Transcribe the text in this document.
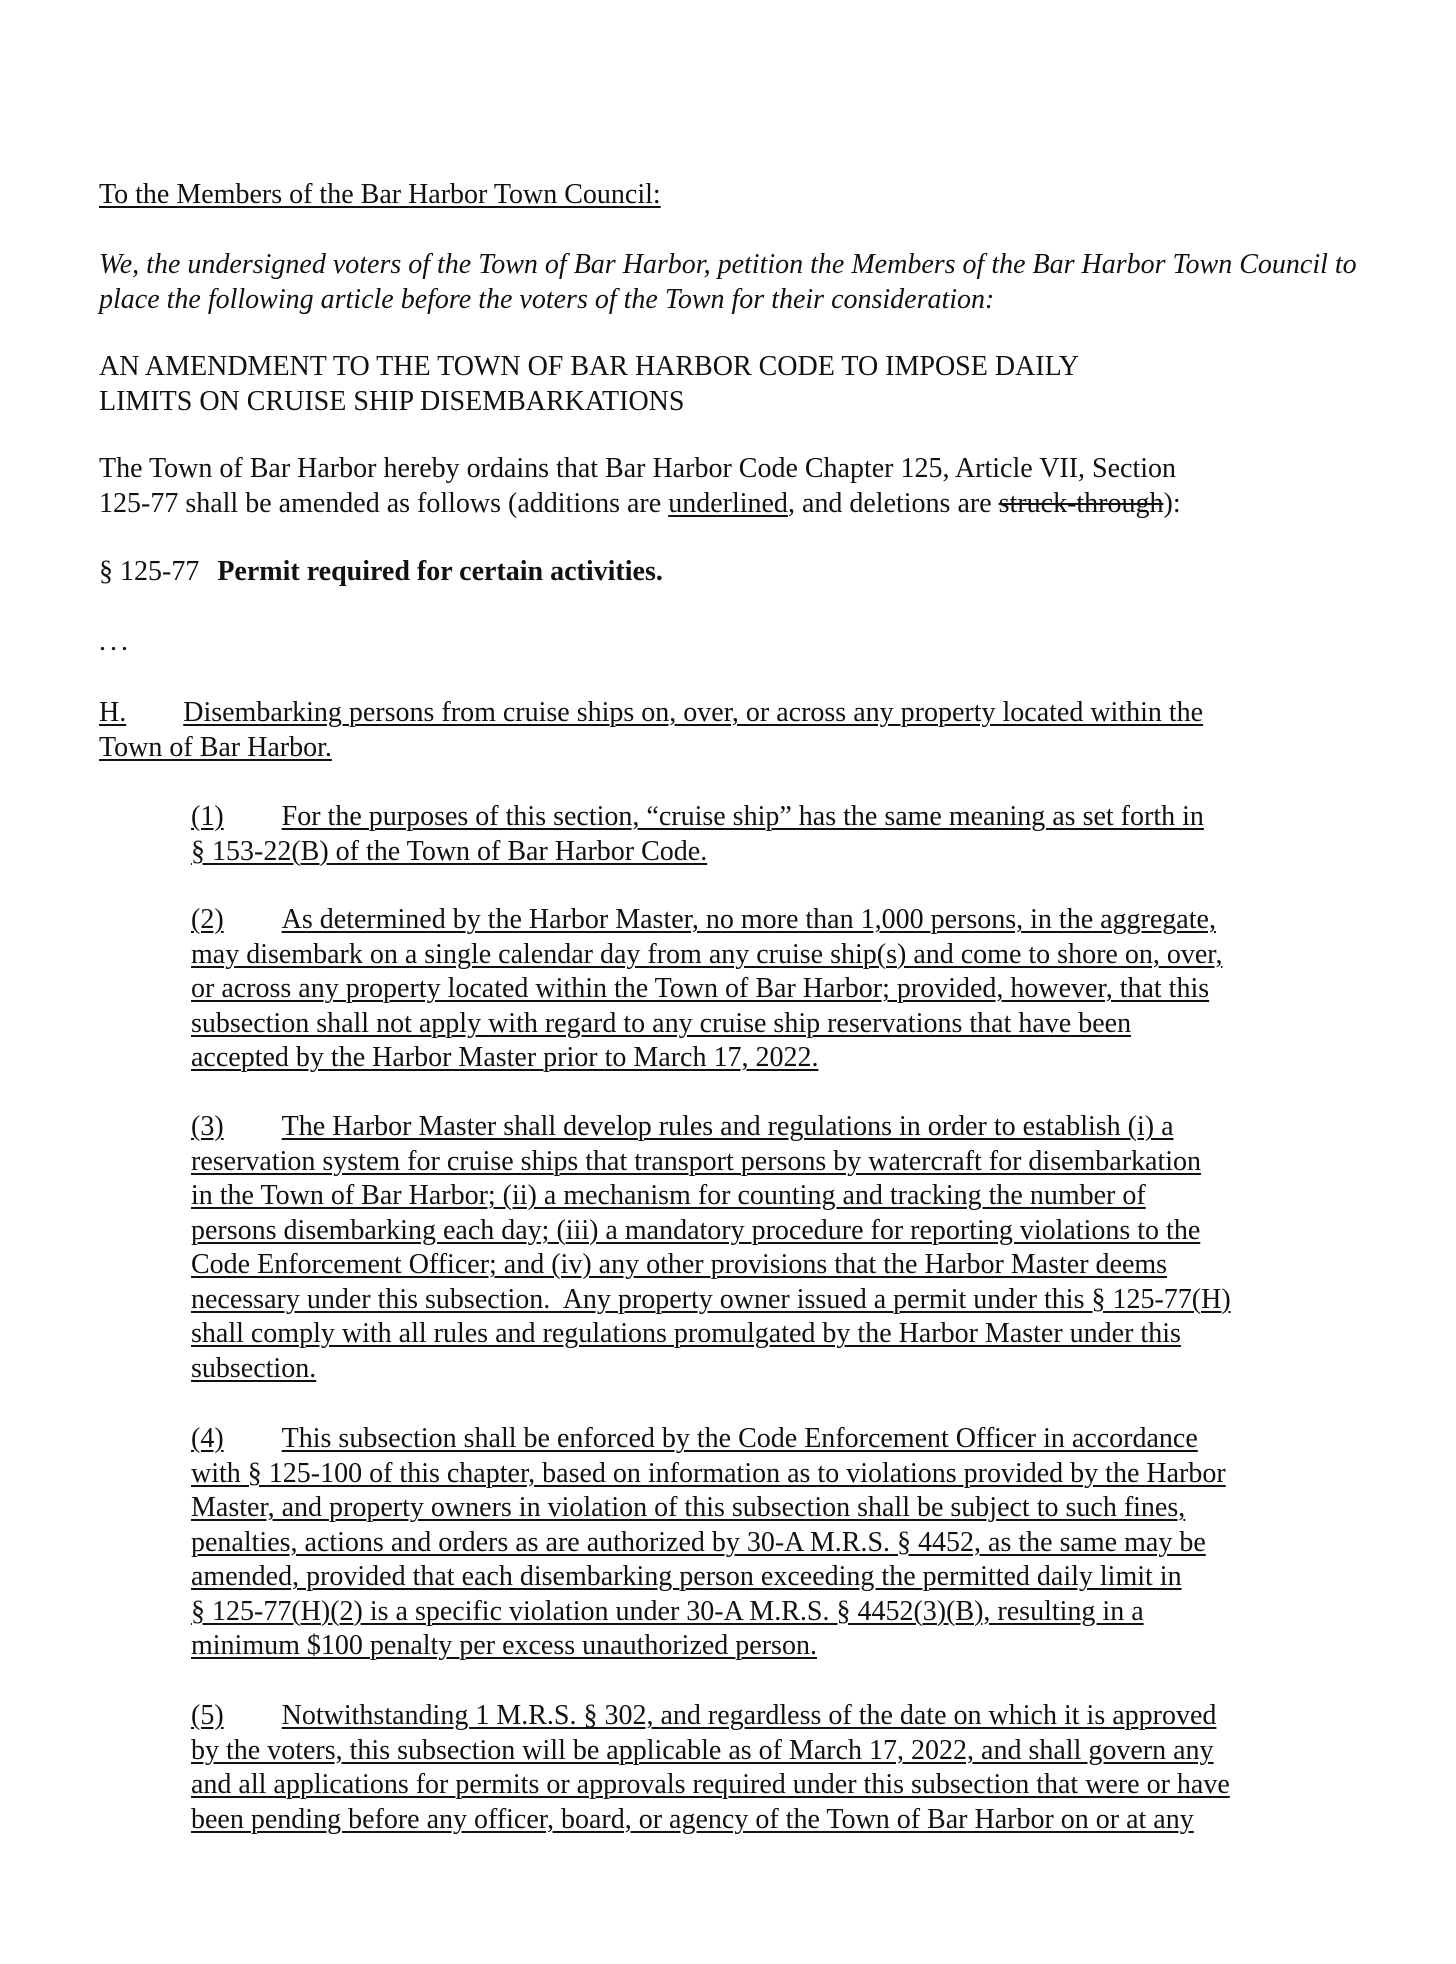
To the Members of the Bar Harbor Town Council:

We, the undersigned voters of the Town of Bar Harbor, petition the Members of the Bar Harbor Town Council to
place the following article before the voters of the Town for their consideration:

AN AMENDMENT TO THE TOWN OF BAR HARBOR CODE TO IMPOSE DAILY
LIMITS ON CRUISE SHIP DISEMBARKATIONS

The Town of Bar Harbor hereby ordains that Bar Harbor Code Chapter 125, Article VII, Section
125-77 shall be amended as follows (additions are underlined, and deletions are struck-through):

§ 125-77 Permit required for certain activities.

...

H. Disembarking persons from cruise ships on, over, or across any property located within the
Town of Bar Harbor.

(1) For the purposes of this section, “cruise ship” has the same meaning as set forth in
§ 153-22(B) of the Town of Bar Harbor Code.
(2) As determined by the Harbor Master, no more than 1,000 persons, in the aggregate,
may disembark on a single calendar day from any cruise ship(s) and come to shore on, over,
or across any property located within the Town of Bar Harbor; provided, however, that this
subsection shall not apply with regard to any cruise ship reservations that have been
accepted by the Harbor Master prior to March 17, 2022.
(3) The Harbor Master shall develop rules and regulations in order to establish (i) a
reservation system for cruise ships that transport persons by watercraft for disembarkation
in the Town of Bar Harbor; (ii) a mechanism for counting and tracking the number of
persons disembarking each day; (iii) a mandatory procedure for reporting violations to the
Code Enforcement Officer; and (iv) any other provisions that the Harbor Master deems
necessary under this subsection.  Any property owner issued a permit under this § 125-77(H)
shall comply with all rules and regulations promulgated by the Harbor Master under this
subsection.
(4) This subsection shall be enforced by the Code Enforcement Officer in accordance
with § 125-100 of this chapter, based on information as to violations provided by the Harbor
Master, and property owners in violation of this subsection shall be subject to such fines,
penalties, actions and orders as are authorized by 30-A M.R.S. § 4452, as the same may be
amended, provided that each disembarking person exceeding the permitted daily limit in
§ 125-77(H)(2) is a specific violation under 30-A M.R.S. § 4452(3)(B), resulting in a
minimum $100 penalty per excess unauthorized person.
(5) Notwithstanding 1 M.R.S. § 302, and regardless of the date on which it is approved
by the voters, this subsection will be applicable as of March 17, 2022, and shall govern any
and all applications for permits or approvals required under this subsection that were or have
been pending before any officer, board, or agency of the Town of Bar Harbor on or at any
